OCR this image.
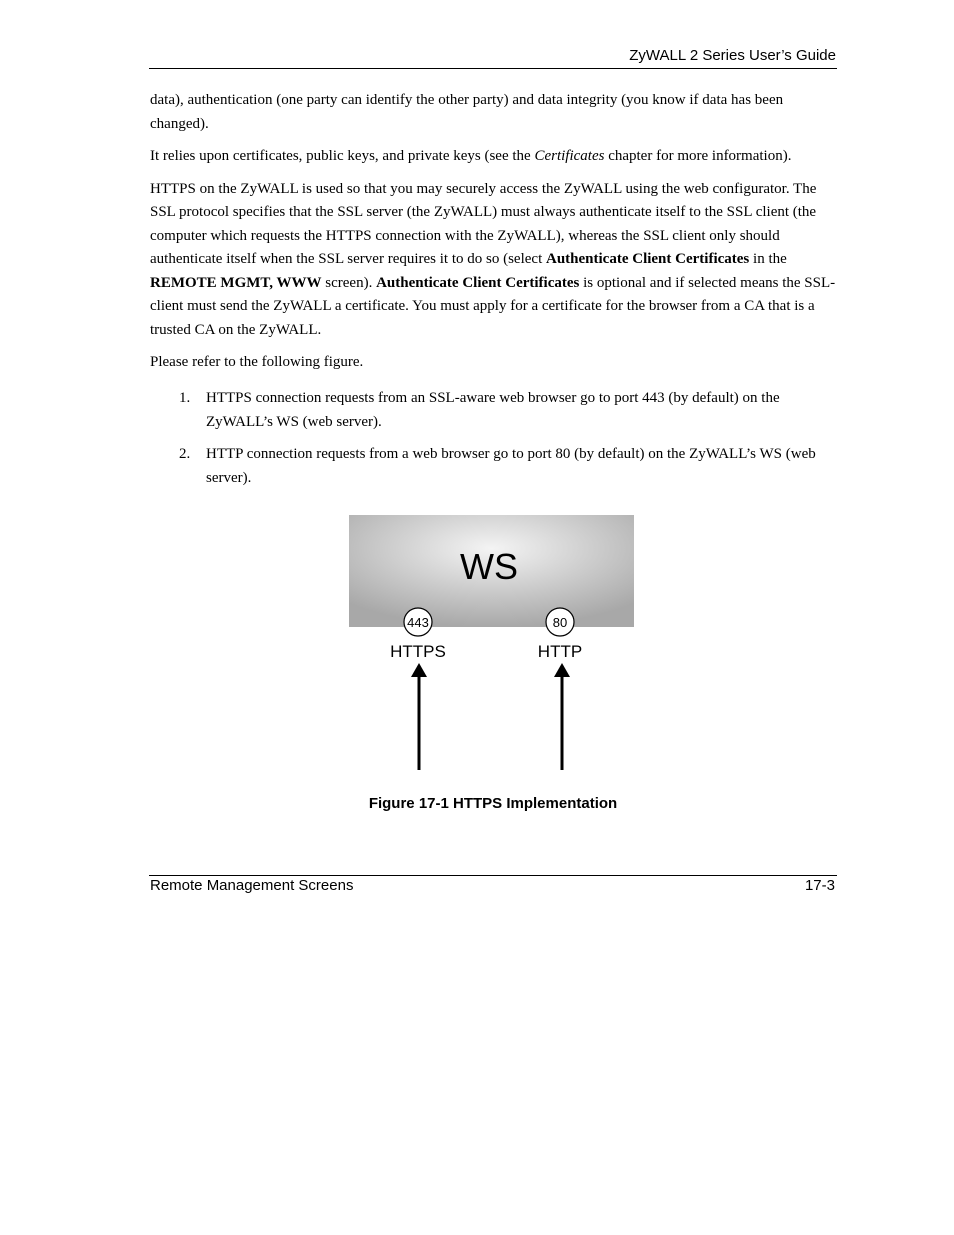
ZyWALL 2 Series User’s Guide

data), authentication (one party can identify the other party) and data integrity (you know if data has been changed).

It relies upon certificates, public keys, and private keys (see the Certificates chapter for more information).

HTTPS on the ZyWALL is used so that you may securely access the ZyWALL using the web configurator. The SSL protocol specifies that the SSL server (the ZyWALL) must always authenticate itself to the SSL client (the computer which requests the HTTPS connection with the ZyWALL), whereas the SSL client only should authenticate itself when the SSL server requires it to do so (select Authenticate Client Certificates in the REMOTE MGMT, WWW screen). Authenticate Client Certificates is optional and if selected means the SSL-client must send the ZyWALL a certificate. You must apply for a certificate for the browser from a CA that is a trusted CA on the ZyWALL.

Please refer to the following figure.

1. HTTPS connection requests from an SSL-aware web browser go to port 443 (by default) on the ZyWALL’s WS (web server).
2. HTTP connection requests from a web browser go to port 80 (by default) on the ZyWALL’s WS (web server).
WS
443	80
HTTPS	HTTP
Figure 17-1 HTTPS Implementation
Remote Management Screens	17-3
